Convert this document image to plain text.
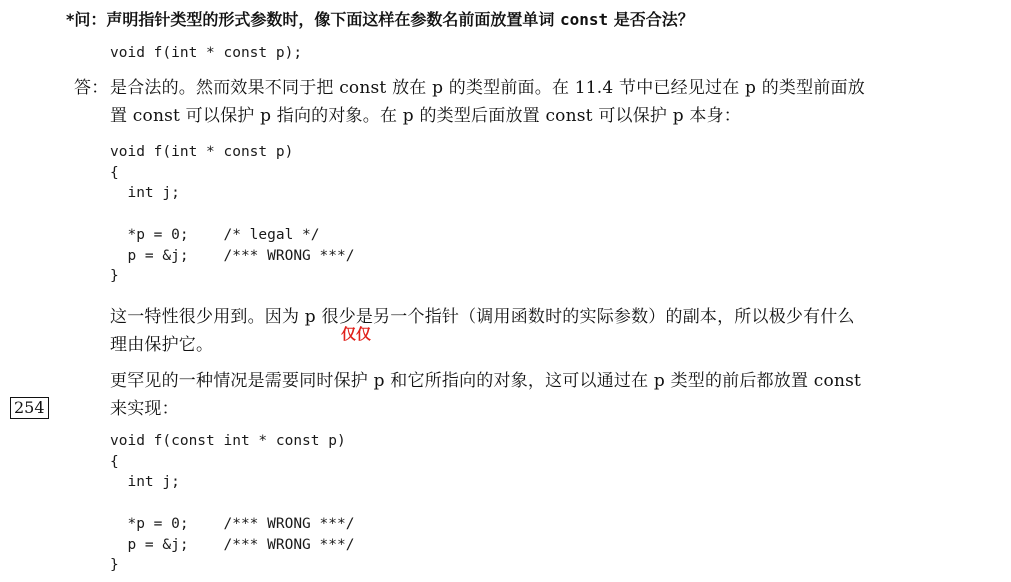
*问：声明指针类型的形式参数时，像下面这样在参数名前面放置单词 const 是否合法？
void f(int * const p);
答： 是合法的。然而效果不同于把 const 放在 p 的类型前面。在 11.4 节中已经见过在 p 的类型前面放
置 const 可以保护 p 指向的对象。在 p 的类型后面放置 const 可以保护 p 本身：
void f(int * const p)
{
int j;

*p = 0;    /* legal */
p = &j;    /*** WRONG ***/
}
这一特性很少用到。因为 p 很少是另一个指针（调用函数时的实际参数）的副本，所以极少有什么
理由保护它。
仅仅
更罕见的一种情况是需要同时保护 p 和它所指向的对象，这可以通过在 p 类型的前后都放置 const
来实现：
254
void f(const int * const p)
{
int j;

*p = 0;    /*** WRONG ***/
p = &j;    /*** WRONG ***/
}
